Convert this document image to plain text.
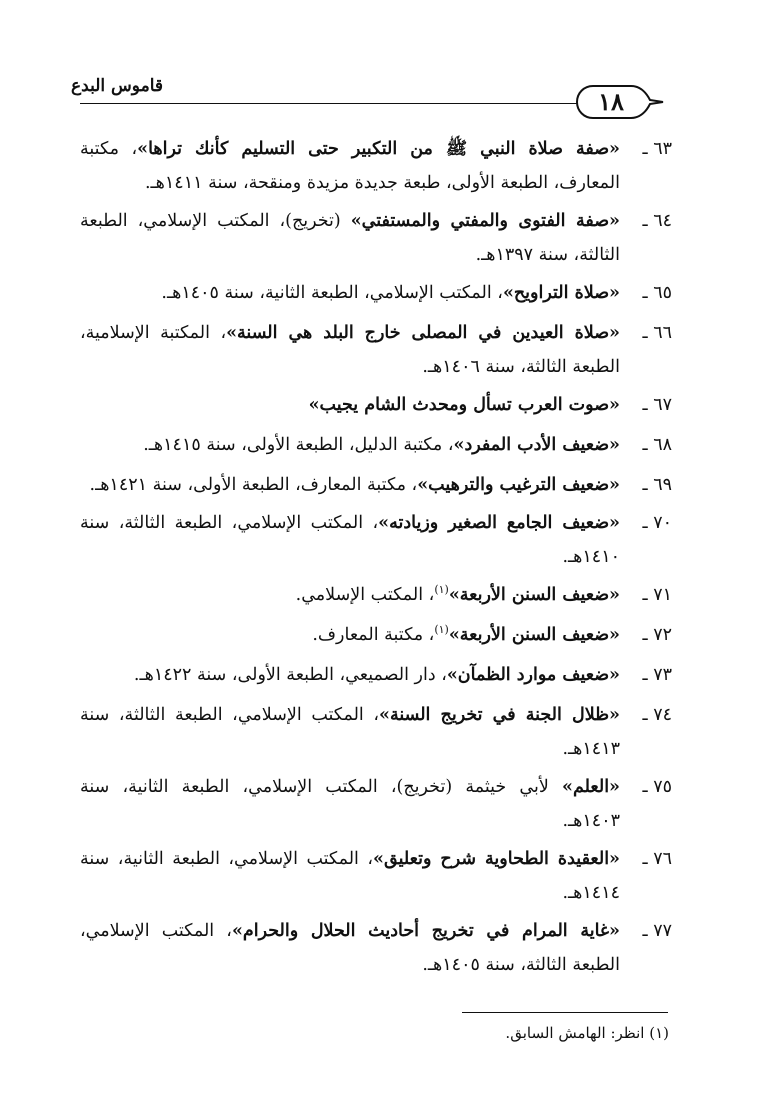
قاموس البدع
١٨
٦٣ ـ
«صفة صلاة النبي ﷺ من التكبير حتى التسليم كأنك تراها»، مكتبة المعارف، الطبعة الأولى، طبعة جديدة مزيدة ومنقحة، سنة ١٤١١هـ.
٦٤ ـ
«صفة الفتوى والمفتي والمستفتي» (تخريج)، المكتب الإسلامي، الطبعة الثالثة، سنة ١٣٩٧هـ.
٦٥ ـ
«صلاة التراويح»، المكتب الإسلامي، الطبعة الثانية، سنة ١٤٠٥هـ.
٦٦ ـ
«صلاة العيدين في المصلى خارج البلد هي السنة»، المكتبة الإسلامية، الطبعة الثالثة، سنة ١٤٠٦هـ.
٦٧ ـ
«صوت العرب تسأل ومحدث الشام يجيب»
٦٨ ـ
«ضعيف الأدب المفرد»، مكتبة الدليل، الطبعة الأولى، سنة ١٤١٥هـ.
٦٩ ـ
«ضعيف الترغيب والترهيب»، مكتبة المعارف، الطبعة الأولى، سنة ١٤٢١هـ.
٧٠ ـ
«ضعيف الجامع الصغير وزيادته»، المكتب الإسلامي، الطبعة الثالثة، سنة ١٤١٠هـ.
٧١ ـ
«ضعيف السنن الأربعة»$^{(١)}$، المكتب الإسلامي.
٧٢ ـ
«ضعيف السنن الأربعة»$^{(١)}$، مكتبة المعارف.
٧٣ ـ
«ضعيف موارد الظمآن»، دار الصميعي، الطبعة الأولى، سنة ١٤٢٢هـ.
٧٤ ـ
«ظلال الجنة في تخريج السنة»، المكتب الإسلامي، الطبعة الثالثة، سنة ١٤١٣هـ.
٧٥ ـ
«العلم» لأبي خيثمة (تخريج)، المكتب الإسلامي، الطبعة الثانية، سنة ١٤٠٣هـ.
٧٦ ـ
«العقيدة الطحاوية شرح وتعليق»، المكتب الإسلامي، الطبعة الثانية، سنة ١٤١٤هـ.
٧٧ ـ
«غاية المرام في تخريج أحاديث الحلال والحرام»، المكتب الإسلامي، الطبعة الثالثة، سنة ١٤٠٥هـ.
(١) انظر: الهامش السابق.
